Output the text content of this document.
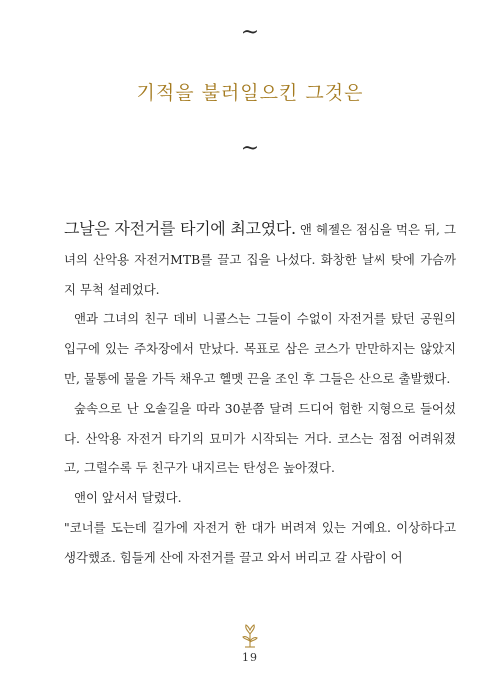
~
기적을 불러일으킨 그것은
~

그날은 자전거를 타기에 최고였다. 앤 헤젤은 점심을 먹은 뒤, 그녀의 산악용 자전거MTB를 끌고 집을 나섰다. 화창한 날씨 탓에 가슴까지 무척 설레었다.

앤과 그녀의 친구 데비 니콜스는 그들이 수없이 자전거를 탔던 공원의 입구에 있는 주차장에서 만났다. 목표로 삼은 코스가 만만하지는 않았지만, 물통에 물을 가득 채우고 헬멧 끈을 조인 후 그들은 산으로 출발했다.

숲속으로 난 오솔길을 따라 30분쯤 달려 드디어 험한 지형으로 들어섰다. 산악용 자전거 타기의 묘미가 시작되는 거다. 코스는 점점 어려워졌고, 그럴수록 두 친구가 내지르는 탄성은 높아졌다.

앤이 앞서서 달렸다.

"코너를 도는데 길가에 자전거 한 대가 버려져 있는 거예요. 이상하다고 생각했죠. 힘들게 산에 자전거를 끌고 와서 버리고 갈 사람이 어

19
